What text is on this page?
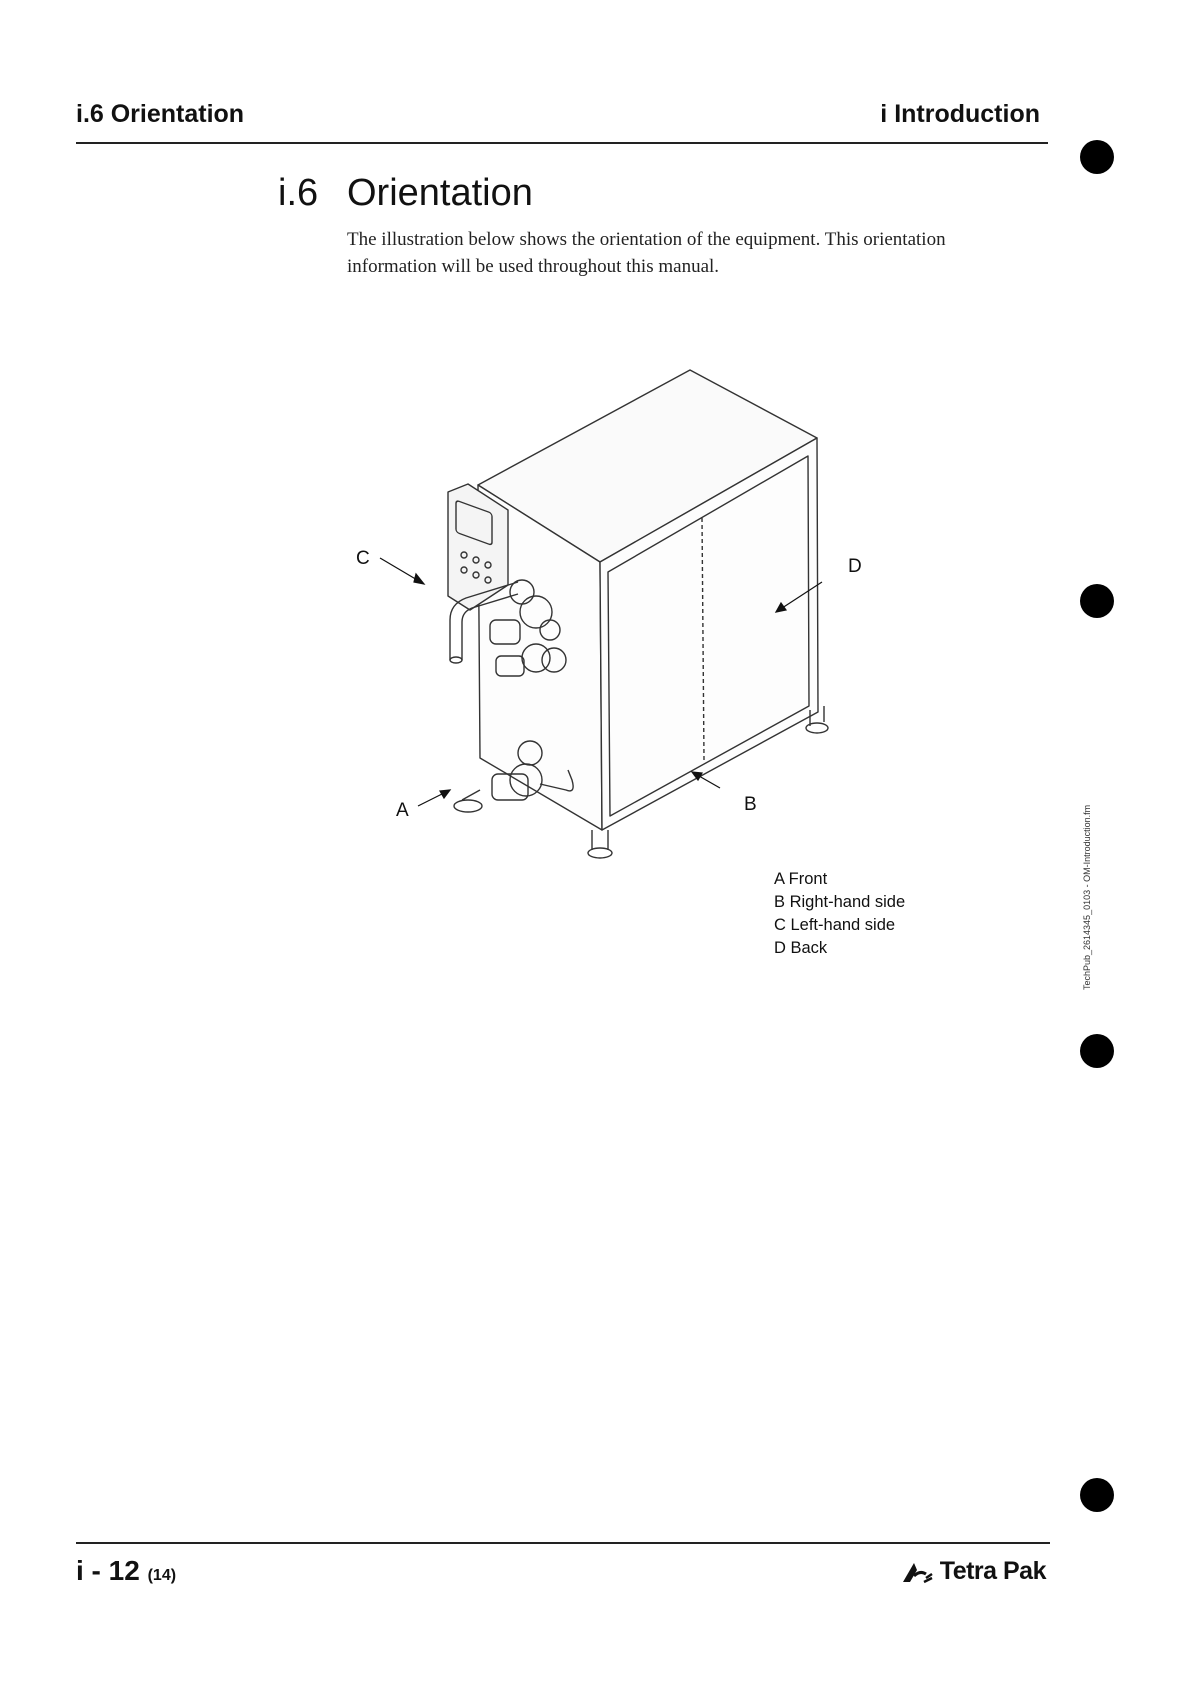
i.6 Orientation	i Introduction
i.6 Orientation
The illustration below shows the orientation of the equipment. This orientation information will be used throughout this manual.
C	D
A	B
A Front
B Right-hand side
C Left-hand side
D Back	TechPub_2614345_0103 - OM-Introduction.fm
i - 12 (14)	Tetra Pak
